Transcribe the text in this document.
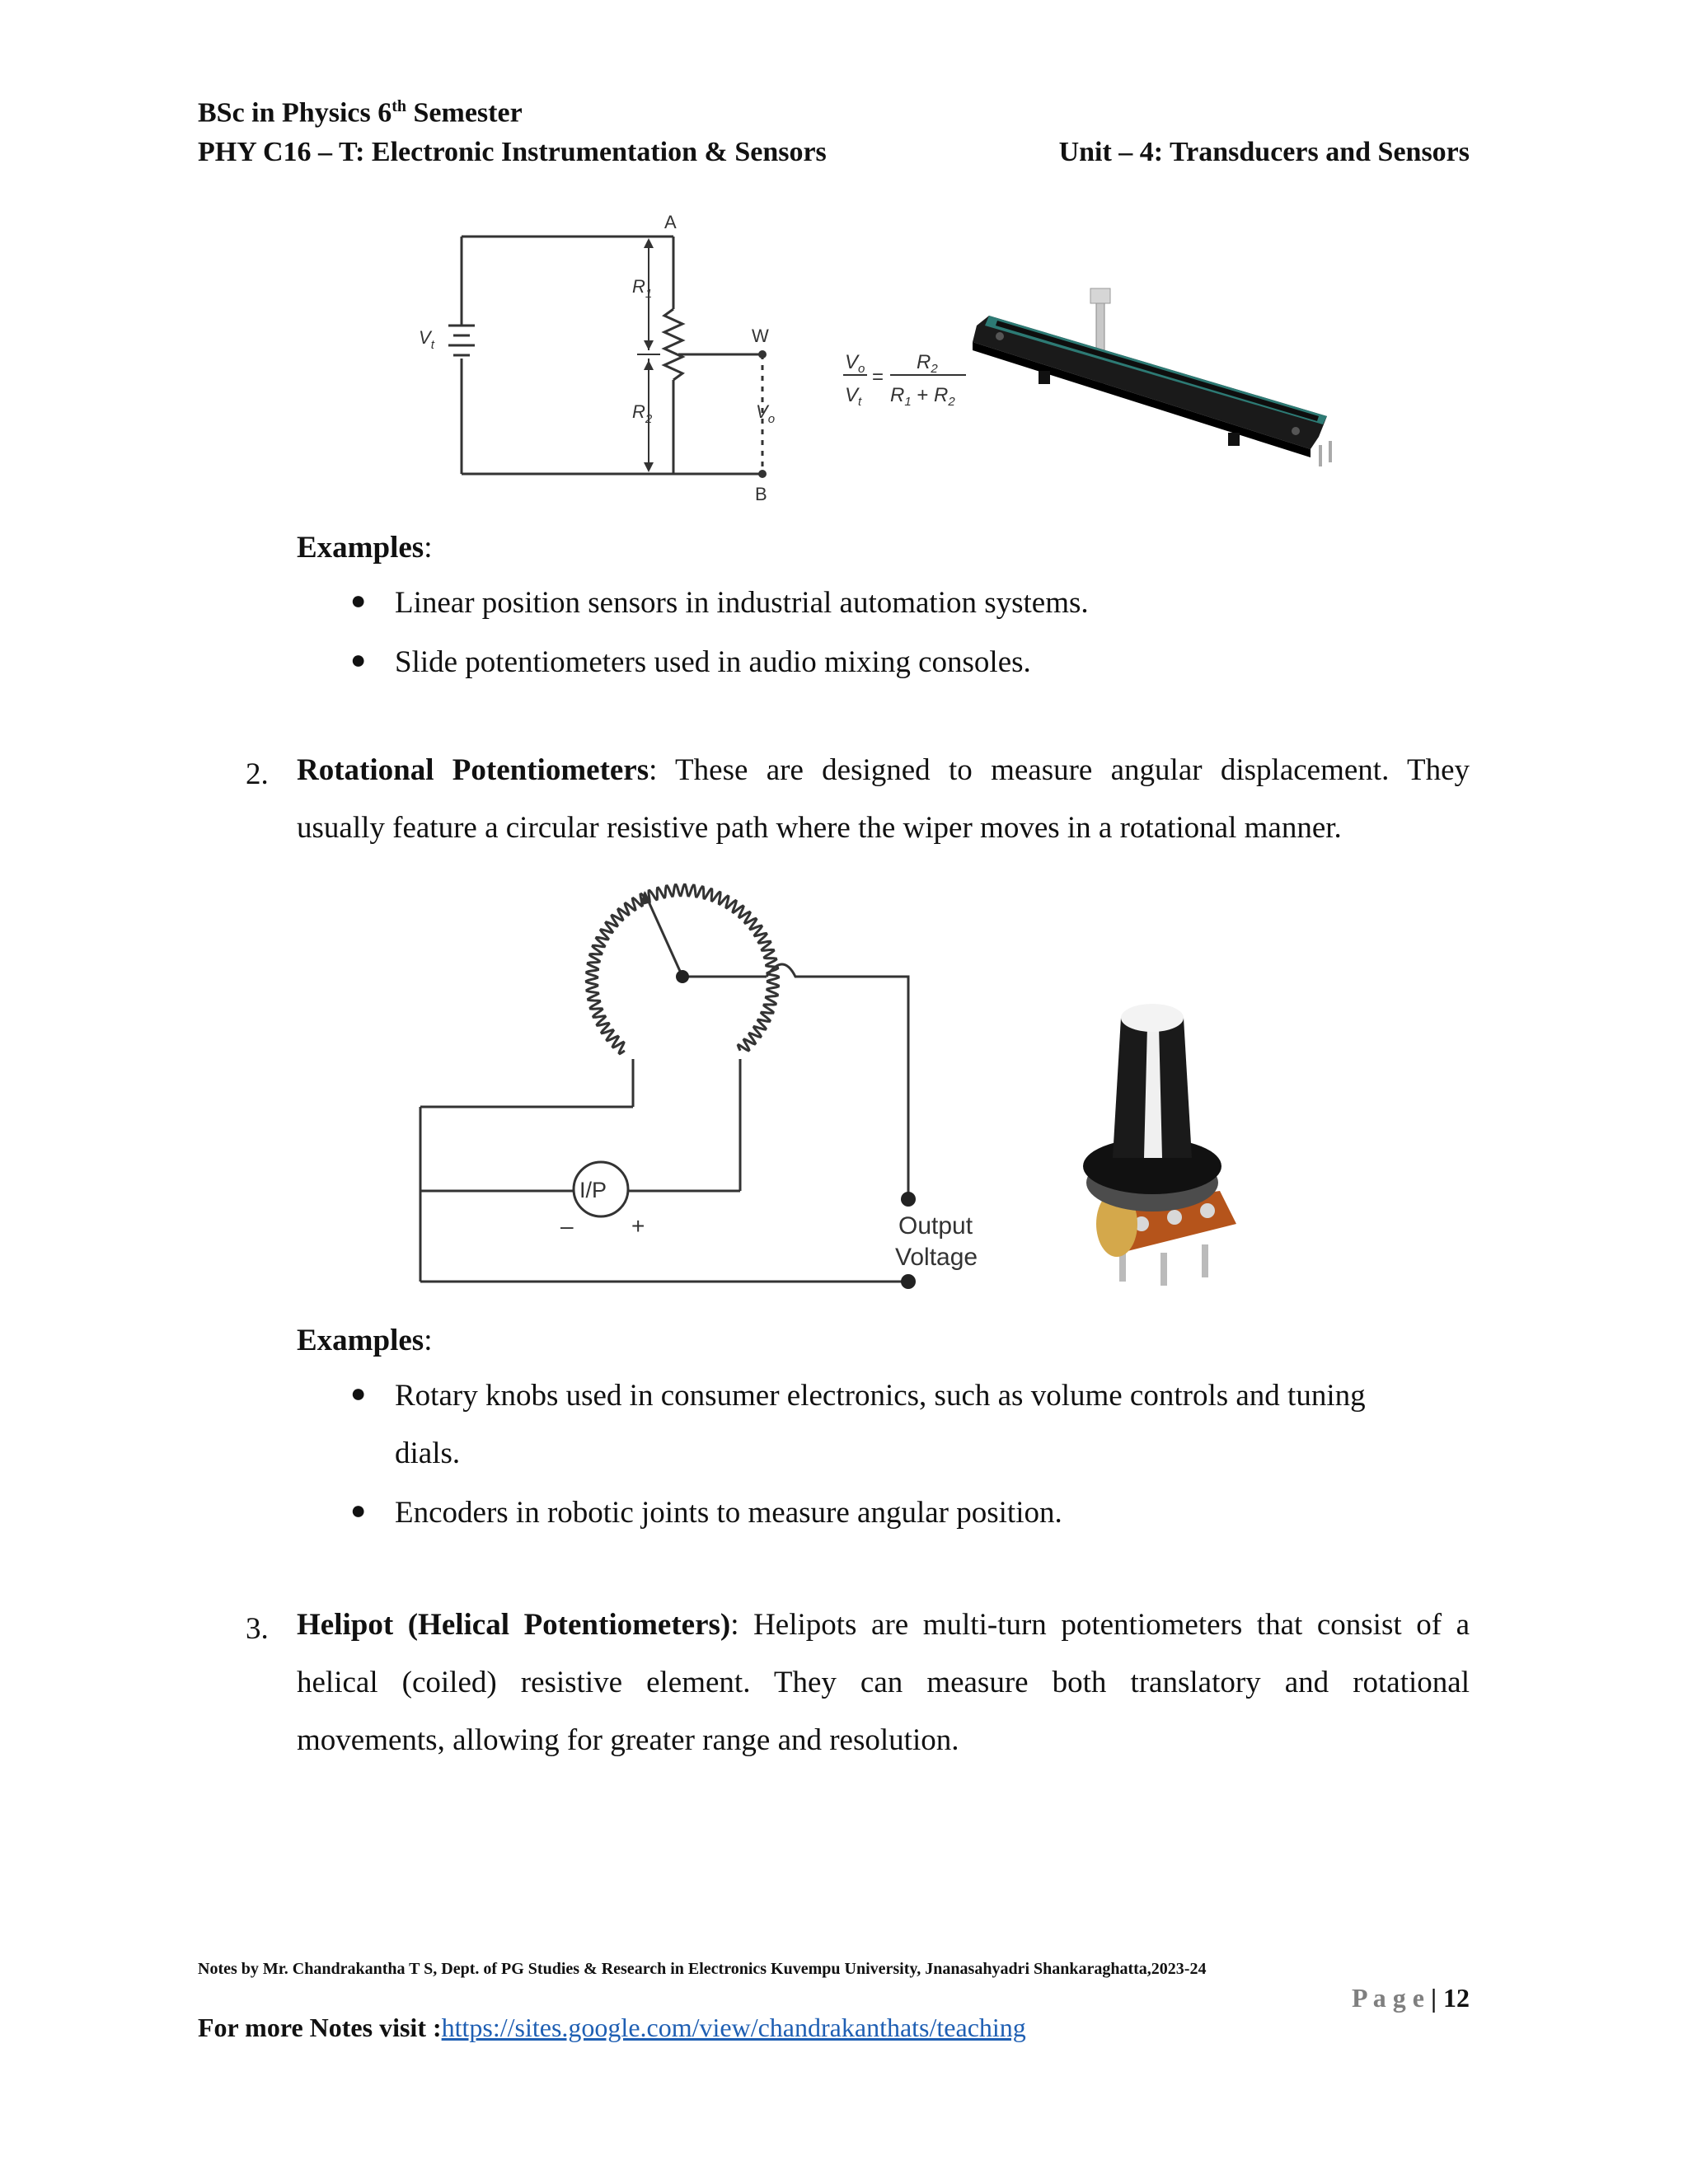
BSc in Physics 6th Semester
PHY C16 – T: Electronic Instrumentation & Sensors	Unit – 4: Transducers and Sensors
A
$R_1$
$R_2$
$V_t$	W
$V_o$
B
$V_o$
$V_t$
=
$R_2$
$R_1 + R_2$
Examples:
● Linear position sensors in industrial automation systems.
● Slide potentiometers used in audio mixing consoles.
2. Rotational Potentiometers: These are designed to measure angular displacement. They
usually feature a circular resistive path where the wiper moves in a rotational manner.
I/P
–	+	Output
Voltage
Examples:
● Rotary knobs used in consumer electronics, such as volume controls and tuning
dials.
● Encoders in robotic joints to measure angular position.
3. Helipot (Helical Potentiometers): Helipots are multi-turn potentiometers that consist of a
helical (coiled) resistive element. They can measure both translatory and rotational
movements, allowing for greater range and resolution.
Notes by Mr. Chandrakantha T S, Dept. of PG Studies & Research in Electronics Kuvempu University, Jnanasahyadri Shankaraghatta,2023-24
P a g e | 12
For more Notes visit :https://sites.google.com/view/chandrakanthats/teaching
